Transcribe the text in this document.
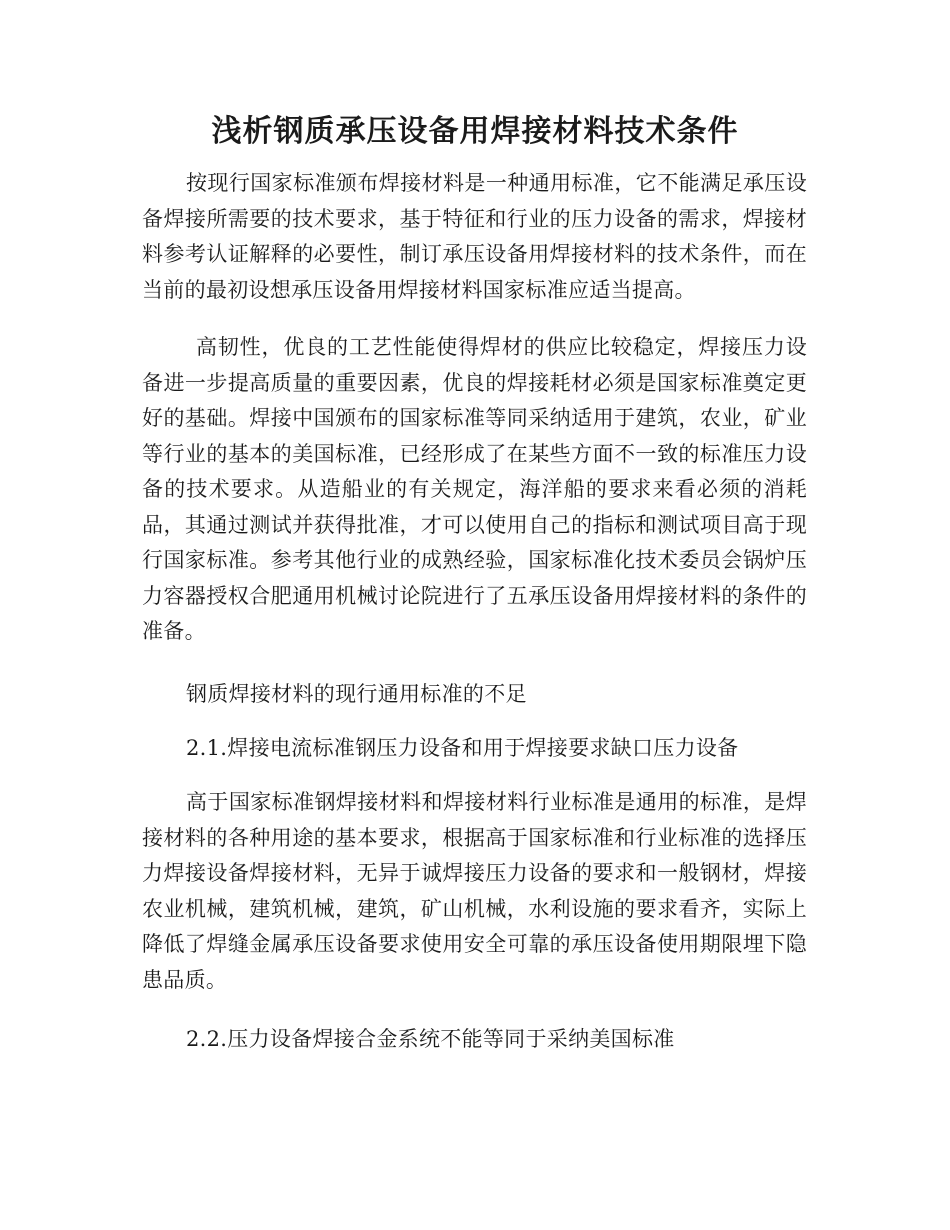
浅析钢质承压设备用焊接材料技术条件

按现行国家标准颁布焊接材料是一种通用标准，它不能满足承压设备焊接所需要的技术要求，基于特征和行业的压力设备的需求，焊接材料参考认证解释的必要性，制订承压设备用焊接材料的技术条件，而在当前的最初设想承压设备用焊接材料国家标准应适当提高。

高韧性，优良的工艺性能使得焊材的供应比较稳定，焊接压力设备进一步提高质量的重要因素，优良的焊接耗材必须是国家标准奠定更好的基础。焊接中国颁布的国家标准等同采纳适用于建筑，农业，矿业等行业的基本的美国标准，已经形成了在某些方面不一致的标准压力设备的技术要求。从造船业的有关规定，海洋船的要求来看必须的消耗品，其通过测试并获得批准，才可以使用自己的指标和测试项目高于现行国家标准。参考其他行业的成熟经验，国家标准化技术委员会锅炉压力容器授权合肥通用机械讨论院进行了五承压设备用焊接材料的条件的准备。

钢质焊接材料的现行通用标准的不足

2.1.焊接电流标准钢压力设备和用于焊接要求缺口压力设备

高于国家标准钢焊接材料和焊接材料行业标准是通用的标准，是焊接材料的各种用途的基本要求，根据高于国家标准和行业标准的选择压力焊接设备焊接材料，无异于诚焊接压力设备的要求和一般钢材，焊接农业机械，建筑机械，建筑，矿山机械，水利设施的要求看齐，实际上降低了焊缝金属承压设备要求使用安全可靠的承压设备使用期限埋下隐患品质。

2.2.压力设备焊接合金系统不能等同于采纳美国标准
